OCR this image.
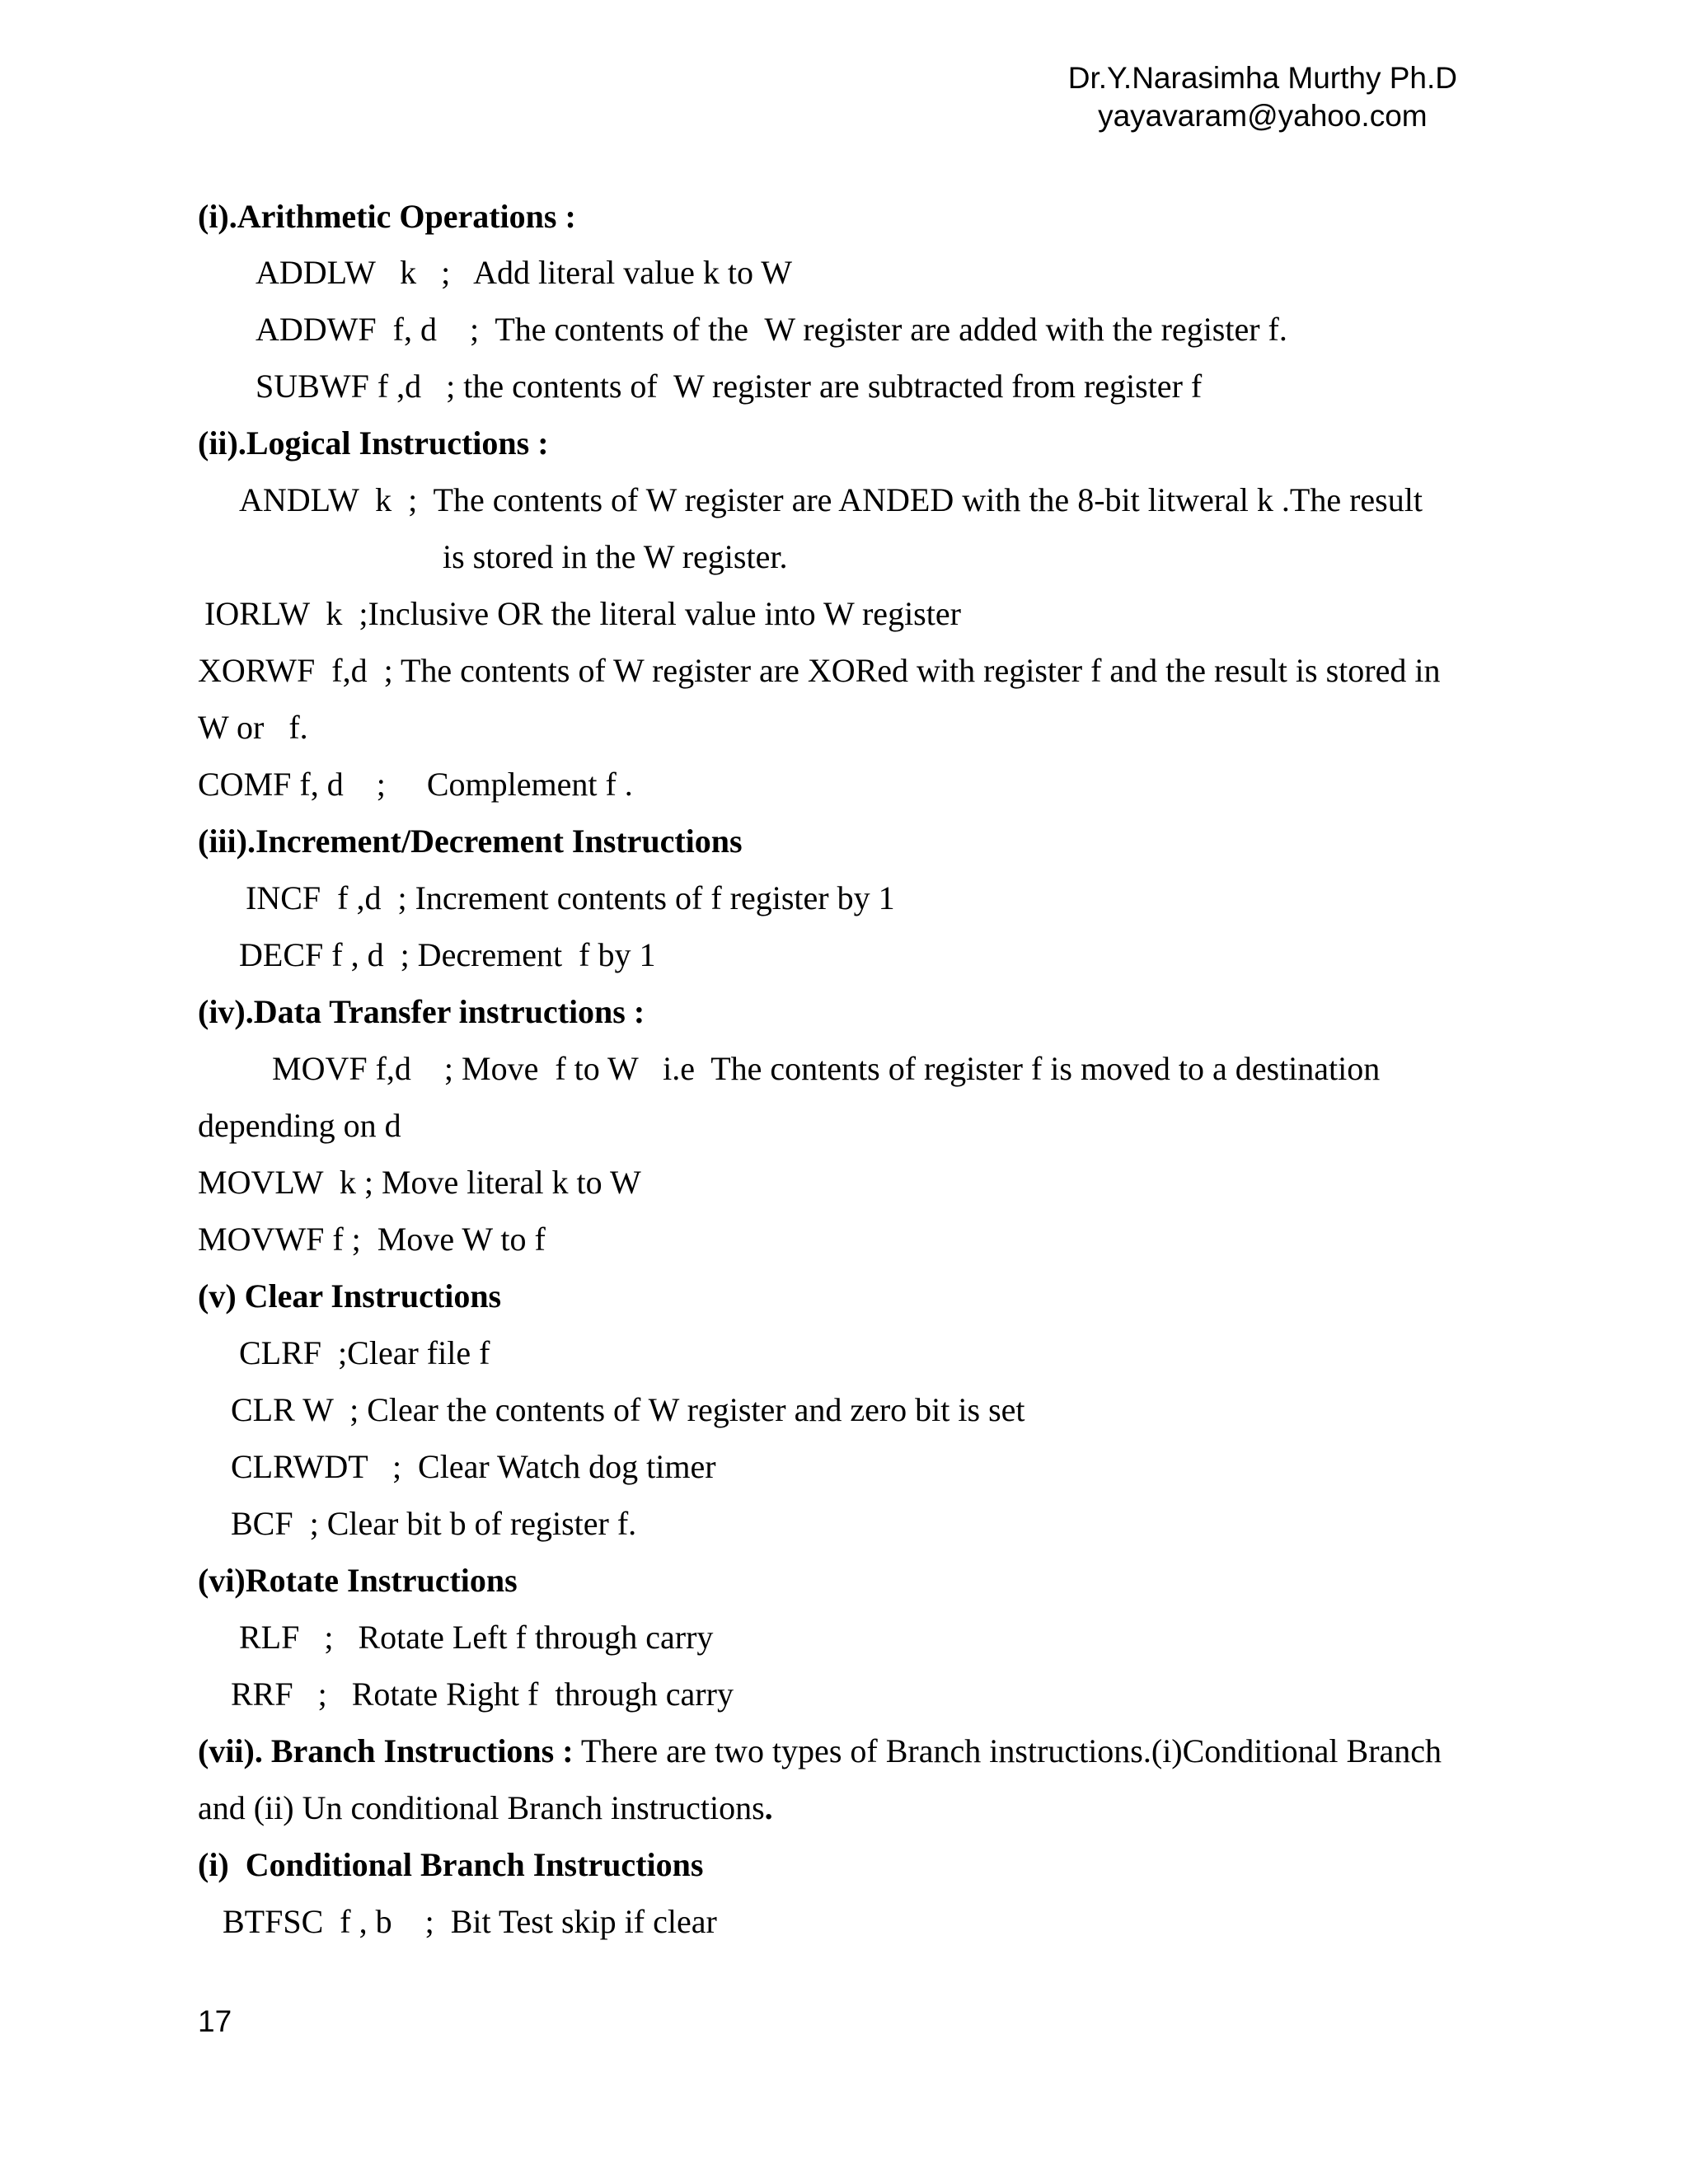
Dr.Y.Narasimha Murthy Ph.D
yayavaram@yahoo.com
(i).Arithmetic Operations :
ADDLW   k   ;   Add literal value k to W
ADDWF  f, d    ;  The contents of the  W register are added with the register f.
SUBWF f ,d   ; the contents of  W register are subtracted from register f
(ii).Logical Instructions :
ANDLW  k  ;  The contents of W register are ANDED with the 8-bit litweral k .The result
is stored in the W register.
IORLW  k  ;Inclusive OR the literal value into W register
XORWF  f,d  ; The contents of W register are XORed with register f and the result is stored in
W or   f.
COMF f, d    ;     Complement f .
(iii).Increment/Decrement Instructions
INCF  f ,d  ; Increment contents of f register by 1
DECF f , d  ; Decrement  f by 1
(iv).Data Transfer instructions :
MOVF f,d    ; Move  f to W   i.e  The contents of register f is moved to a destination
depending on d
MOVLW  k ; Move literal k to W
MOVWF f ;  Move W to f
(v) Clear Instructions
CLRF  ;Clear file f
CLR W  ; Clear the contents of W register and zero bit is set
CLRWDT   ;  Clear Watch dog timer
BCF  ; Clear bit b of register f.
(vi)Rotate Instructions
RLF   ;   Rotate Left f through carry
RRF   ;   Rotate Right f  through carry
(vii). Branch Instructions : There are two types of Branch instructions.(i)Conditional Branch
and (ii) Un conditional Branch instructions.
(i)  Conditional Branch Instructions
BTFSC  f , b    ;  Bit Test skip if clear
17
